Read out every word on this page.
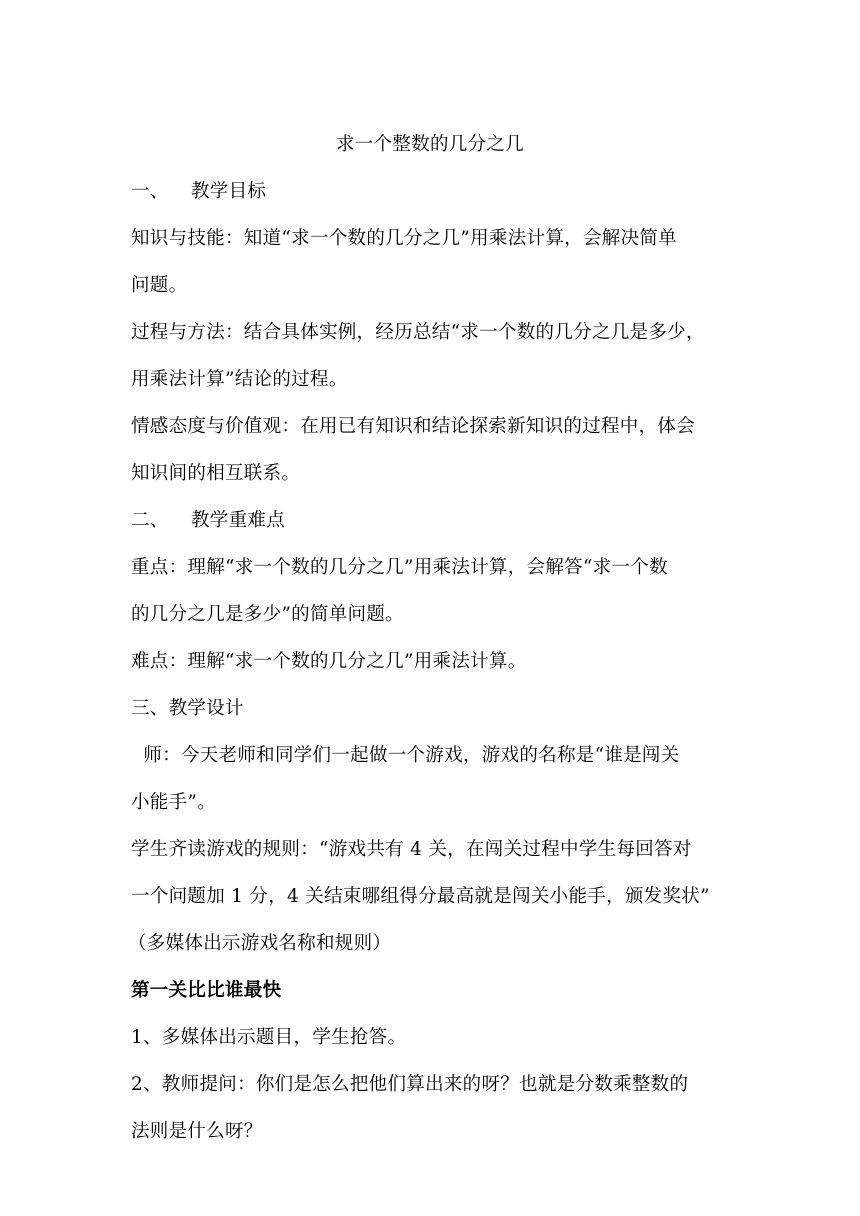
求一个整数的几分之几
一、 教学目标
知识与技能：知道“求一个数的几分之几”用乘法计算，会解决简单
问题。
过程与方法：结合具体实例，经历总结“求一个数的几分之几是多少，
用乘法计算”结论的过程。
情感态度与价值观：在用已有知识和结论探索新知识的过程中，体会
知识间的相互联系。
二、 教学重难点
重点：理解“求一个数的几分之几”用乘法计算，会解答“求一个数
的几分之几是多少”的简单问题。
难点：理解“求一个数的几分之几”用乘法计算。
三、教学设计
师：今天老师和同学们一起做一个游戏，游戏的名称是“谁是闯关
小能手”。
学生齐读游戏的规则：“游戏共有 4 关，在闯关过程中学生每回答对
一个问题加 1 分，4 关结束哪组得分最高就是闯关小能手，颁发奖状”
（多媒体出示游戏名称和规则）
第一关比比谁最快
1、多媒体出示题目，学生抢答。
2、教师提问：你们是怎么把他们算出来的呀？也就是分数乘整数的
法则是什么呀？
